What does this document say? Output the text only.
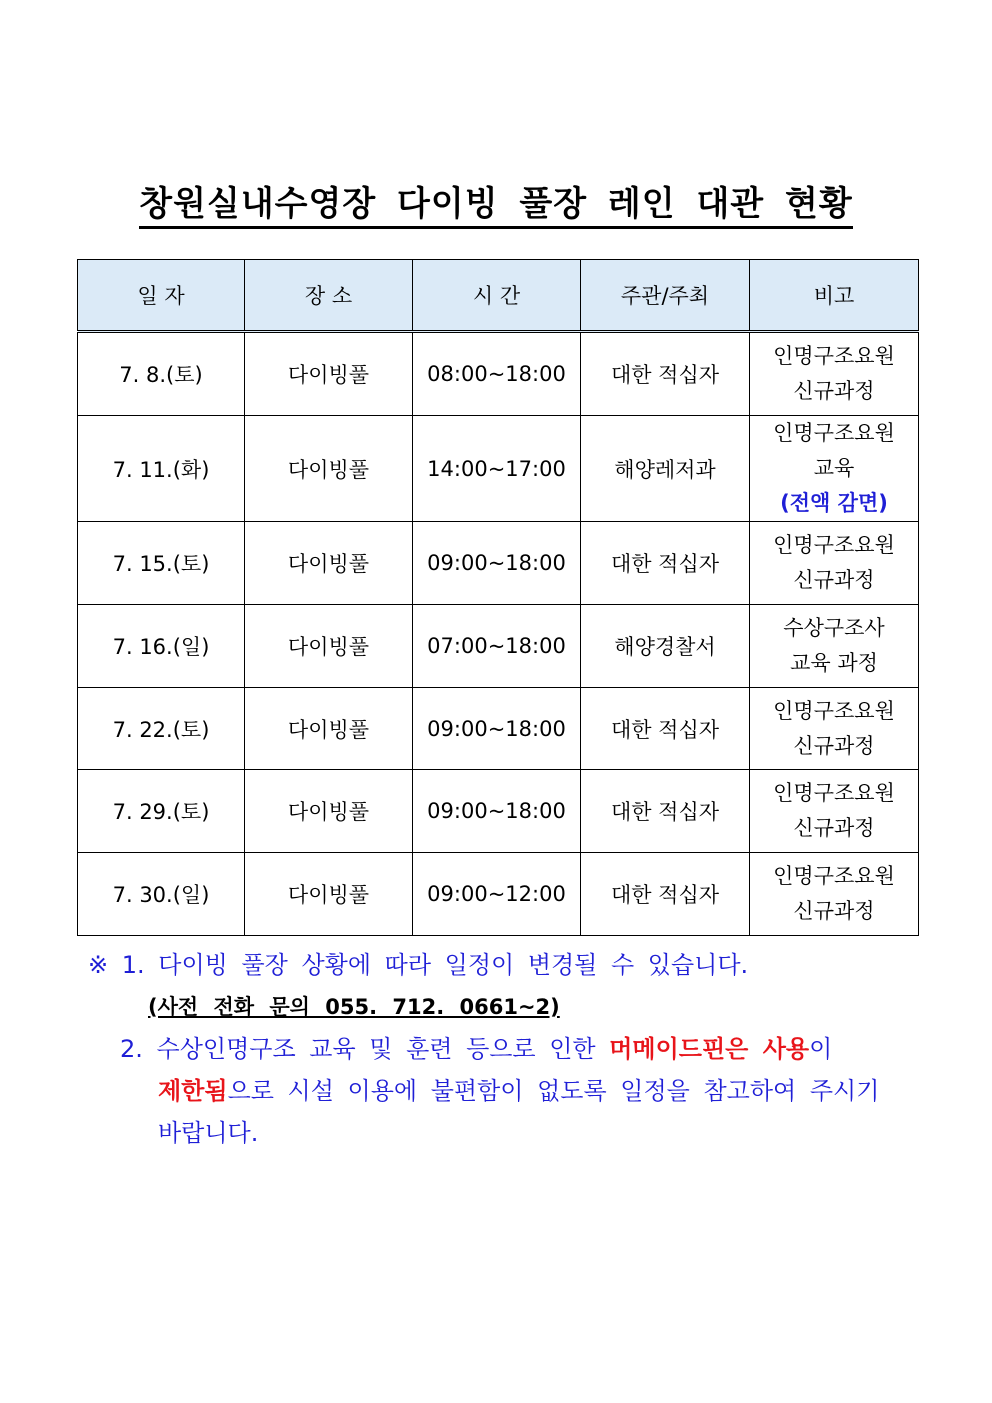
창원실내수영장 다이빙 풀장 레인 대관 현황
일 자	장 소	시 간	주관/주최	비고
7. 8.(토)	다이빙풀	08:00~18:00	대한 적십자	인명구조요원
신규과정

7. 11.(화)	다이빙풀	14:00~17:00	해양레저과	인명구조요원
교육
(전액 감면)

7. 15.(토)	다이빙풀	09:00~18:00	대한 적십자	인명구조요원
신규과정

7. 16.(일)	다이빙풀	07:00~18:00	해양경찰서	수상구조사
교육 과정

7. 22.(토)	다이빙풀	09:00~18:00	대한 적십자	인명구조요원
신규과정

7. 29.(토)	다이빙풀	09:00~18:00	대한 적십자	인명구조요원
신규과정

7. 30.(일)	다이빙풀	09:00~12:00	대한 적십자	인명구조요원
신규과정
※ 1. 다이빙 풀장 상황에 따라 일정이 변경될 수 있습니다.
(사전 전화 문의 055. 712. 0661~2)
2. 수상인명구조 교육 및 훈련 등으로 인한 머메이드핀은 사용이
제한됨으로 시설 이용에 불편함이 없도록 일정을 참고하여 주시기
바랍니다.
